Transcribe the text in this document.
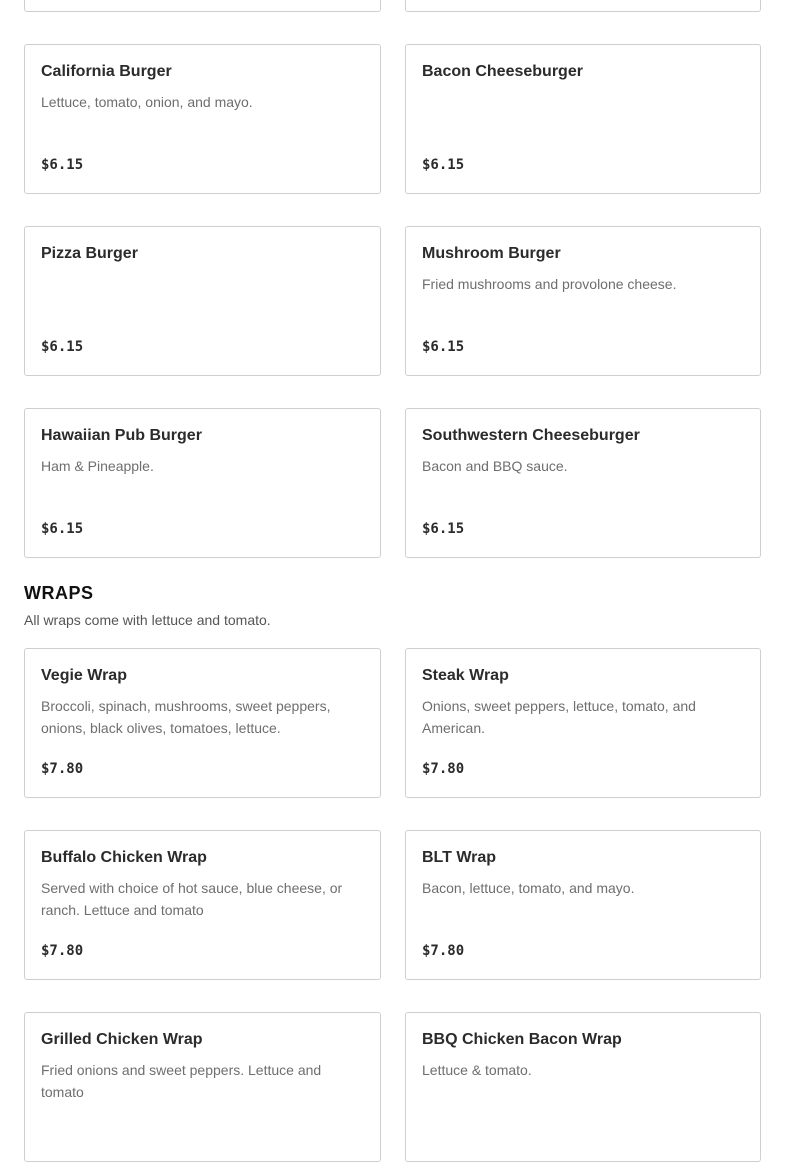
California Burger
Lettuce, tomato, onion, and mayo.
$6.15
Bacon Cheeseburger
$6.15
Pizza Burger
$6.15
Mushroom Burger
Fried mushrooms and provolone cheese.
$6.15
Hawaiian Pub Burger
Ham & Pineapple.
$6.15
Southwestern Cheeseburger
Bacon and BBQ sauce.
$6.15
WRAPS
All wraps come with lettuce and tomato.
Vegie Wrap
Broccoli, spinach, mushrooms, sweet peppers, onions, black olives, tomatoes, lettuce.
$7.80
Steak Wrap
Onions, sweet peppers, lettuce, tomato, and American.
$7.80
Buffalo Chicken Wrap
Served with choice of hot sauce, blue cheese, or ranch. Lettuce and tomato
$7.80
BLT Wrap
Bacon, lettuce, tomato, and mayo.
$7.80
Grilled Chicken Wrap
Fried onions and sweet peppers. Lettuce and tomato
BBQ Chicken Bacon Wrap
Lettuce & tomato.
